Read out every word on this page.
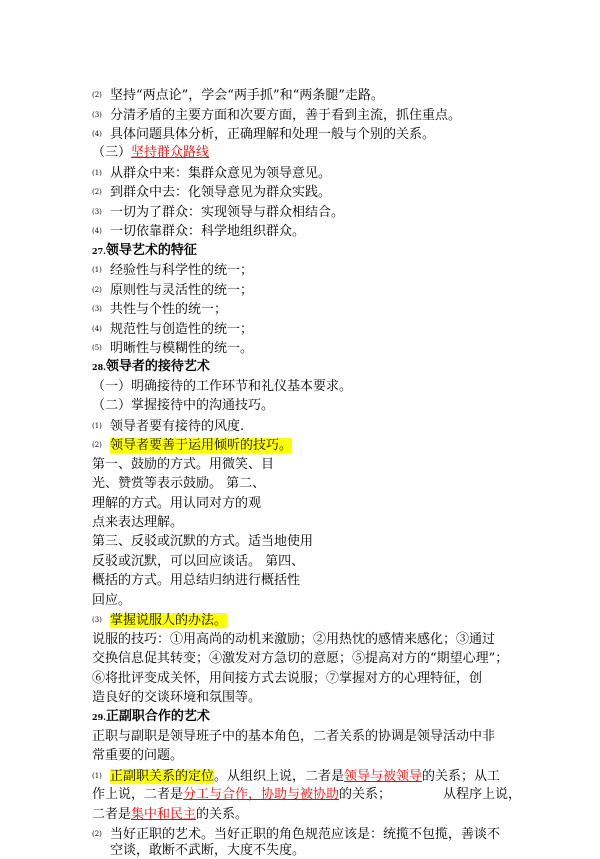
(2) 坚持“两点论”，学会“两手抓”和“两条腿”走路。
(3) 分清矛盾的主要方面和次要方面，善于看到主流，抓住重点。
(4) 具体问题具体分析，正确理解和处理一般与个别的关系。
（三）坚持群众路线
(1) 从群众中来：集群众意见为领导意见。
(2) 到群众中去：化领导意见为群众实践。
(3) 一切为了群众：实现领导与群众相结合。
(4) 一切依靠群众：科学地组织群众。
27.领导艺术的特征
(1) 经验性与科学性的统一；
(2) 原则性与灵活性的统一；
(3) 共性与个性的统一；
(4) 规范性与创造性的统一；
(5) 明晰性与模糊性的统一。
28.领导者的接待艺术
（一）明确接待的工作环节和礼仪基本要求。
（二）掌握接待中的沟通技巧。
(1) 领导者要有接待的风度.
(2) 领导者要善于运用倾听的技巧。
第一、鼓励的方式。用微笑、目
光、赞赏等表示鼓励。 第二、
理解的方式。用认同对方的观
点来表达理解。
第三、反驳或沉默的方式。适当地使用
反驳或沉默，可以回应谈话。 第四、
概括的方式。用总结归纳进行概括性
回应。
(3) 掌握说服人的办法。
说服的技巧：①用高尚的动机来激励；②用热忱的感情来感化；③通过
交换信息促其转变；④激发对方急切的意愿；⑤提高对方的“期望心理”；
⑥将批评变成关怀，用间接方式去说服；⑦掌握对方的心理特征，创
造良好的交谈环境和氛围等。
29.正副职合作的艺术
正职与副职是领导班子中的基本角色，二者关系的协调是领导活动中非
常重要的问题。
(1) 正副职关系的定位。从组织上说，二者是领导与被领导的关系；从工
作上说，二者是分工与合作，协助与被协助的关系；	从程序上说，
二者是集中和民主的关系。
(2) 当好正职的艺术。当好正职的角色规范应该是：统揽不包揽，善谈不
空谈，敢断不武断，大度不失度。
